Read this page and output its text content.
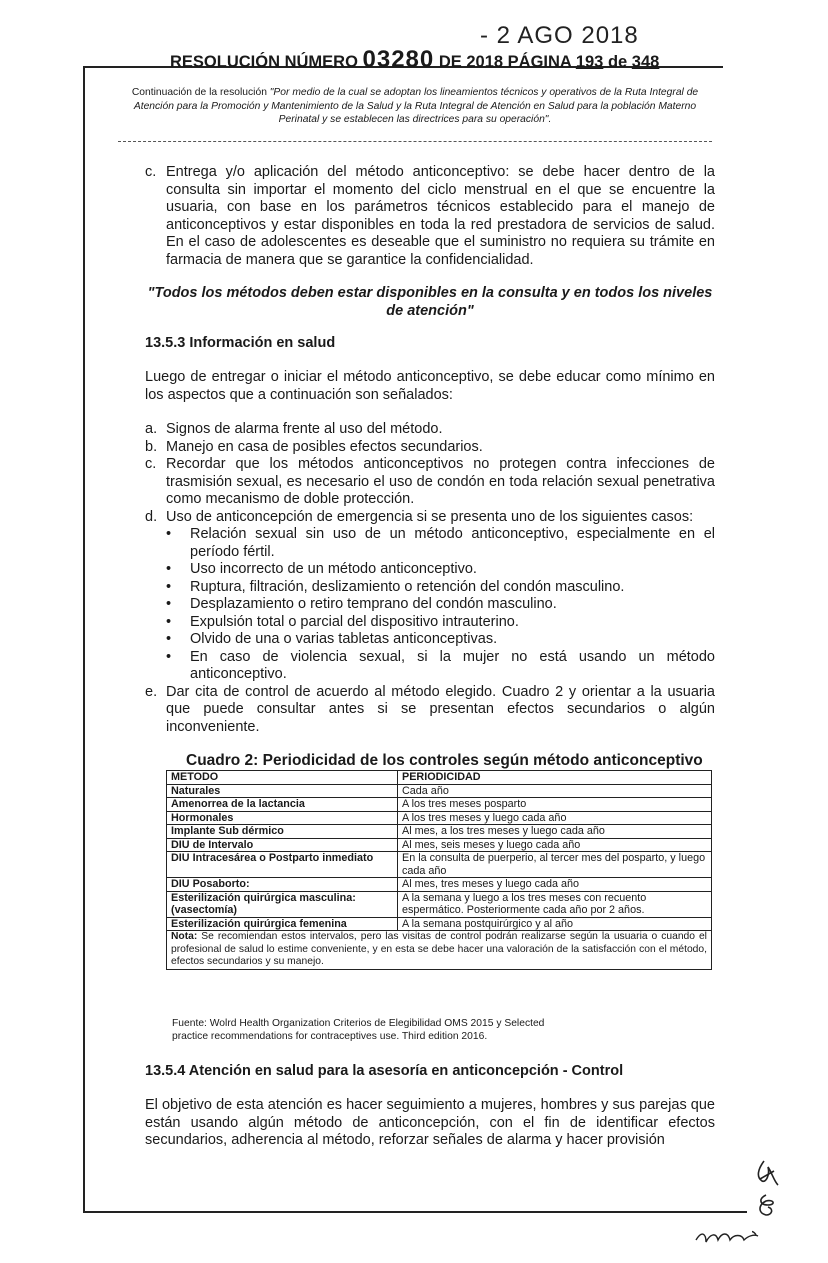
- 2 AGO 2018
RESOLUCIÓN NÚMERO 03280 DE 2018 PÁGINA 193 de 348
Continuación de la resolución "Por medio de la cual se adoptan los lineamientos técnicos y operativos de la Ruta Integral de Atención para la Promoción y Mantenimiento de la Salud y la Ruta Integral de Atención en Salud para la población Materno Perinatal y se establecen las directrices para su operación".
c. Entrega y/o aplicación del método anticonceptivo: se debe hacer dentro de la consulta sin importar el momento del ciclo menstrual en el que se encuentre la usuaria, con base en los parámetros técnicos establecido para el manejo de anticonceptivos y estar disponibles en toda la red prestadora de servicios de salud. En el caso de adolescentes es deseable que el suministro no requiera su trámite en farmacia de manera que se garantice la confidencialidad.
"Todos los métodos deben estar disponibles en la consulta y en todos los niveles de atención"
13.5.3 Información en salud
Luego de entregar o iniciar el método anticonceptivo, se debe educar como mínimo en los aspectos que a continuación son señalados:
a. Signos de alarma frente al uso del método.
b. Manejo en casa de posibles efectos secundarios.
c. Recordar que los métodos anticonceptivos no protegen contra infecciones de trasmisión sexual, es necesario el uso de condón en toda relación sexual penetrativa como mecanismo de doble protección.
d. Uso de anticoncepción de emergencia si se presenta uno de los siguientes casos:
• Relación sexual sin uso de un método anticonceptivo, especialmente en el período fértil.
• Uso incorrecto de un método anticonceptivo.
• Ruptura, filtración, deslizamiento o retención del condón masculino.
• Desplazamiento o retiro temprano del condón masculino.
• Expulsión total o parcial del dispositivo intrauterino.
• Olvido de una o varias tabletas anticonceptivas.
• En caso de violencia sexual, si la mujer no está usando un método anticonceptivo.
e. Dar cita de control de acuerdo al método elegido. Cuadro 2 y orientar a la usuaria que puede consultar antes si se presentan efectos secundarios o algún inconveniente.
Cuadro 2: Periodicidad de los controles según método anticonceptivo
METODO	PERIODICIDAD
Naturales	Cada año
Amenorrea de la lactancia	A los tres meses posparto
Hormonales	A los tres meses y luego cada año
Implante Sub dérmico	Al mes, a los tres meses y luego cada año
DIU de Intervalo	Al mes, seis meses y luego cada año
DIU Intracesárea o Postparto inmediato	En la consulta de puerperio, al tercer mes del posparto, y luego cada año
DIU Posaborto:	Al mes, tres meses y luego cada año
Esterilización quirúrgica masculina: (vasectomía)	A la semana y luego a los tres meses con recuento espermático. Posteriormente cada año por 2 años.
Esterilización quirúrgica femenina	A la semana postquirúrgico y al año
Nota: Se recomiendan estos intervalos, pero las visitas de control podrán realizarse según la usuaria o cuando el profesional de salud lo estime conveniente, y en esta se debe hacer una valoración de la satisfacción con el método, efectos secundarios y su manejo.	
Fuente: Wolrd Health Organization Criterios de Elegibilidad OMS 2015 y Selected
practice recommendations for contraceptives use. Third edition 2016.
13.5.4 Atención en salud para la asesoría en anticoncepción - Control
El objetivo de esta atención es hacer seguimiento a mujeres, hombres y sus parejas que están usando algún método de anticoncepción, con el fin de identificar efectos secundarios, adherencia al método, reforzar señales de alarma y hacer provisión
